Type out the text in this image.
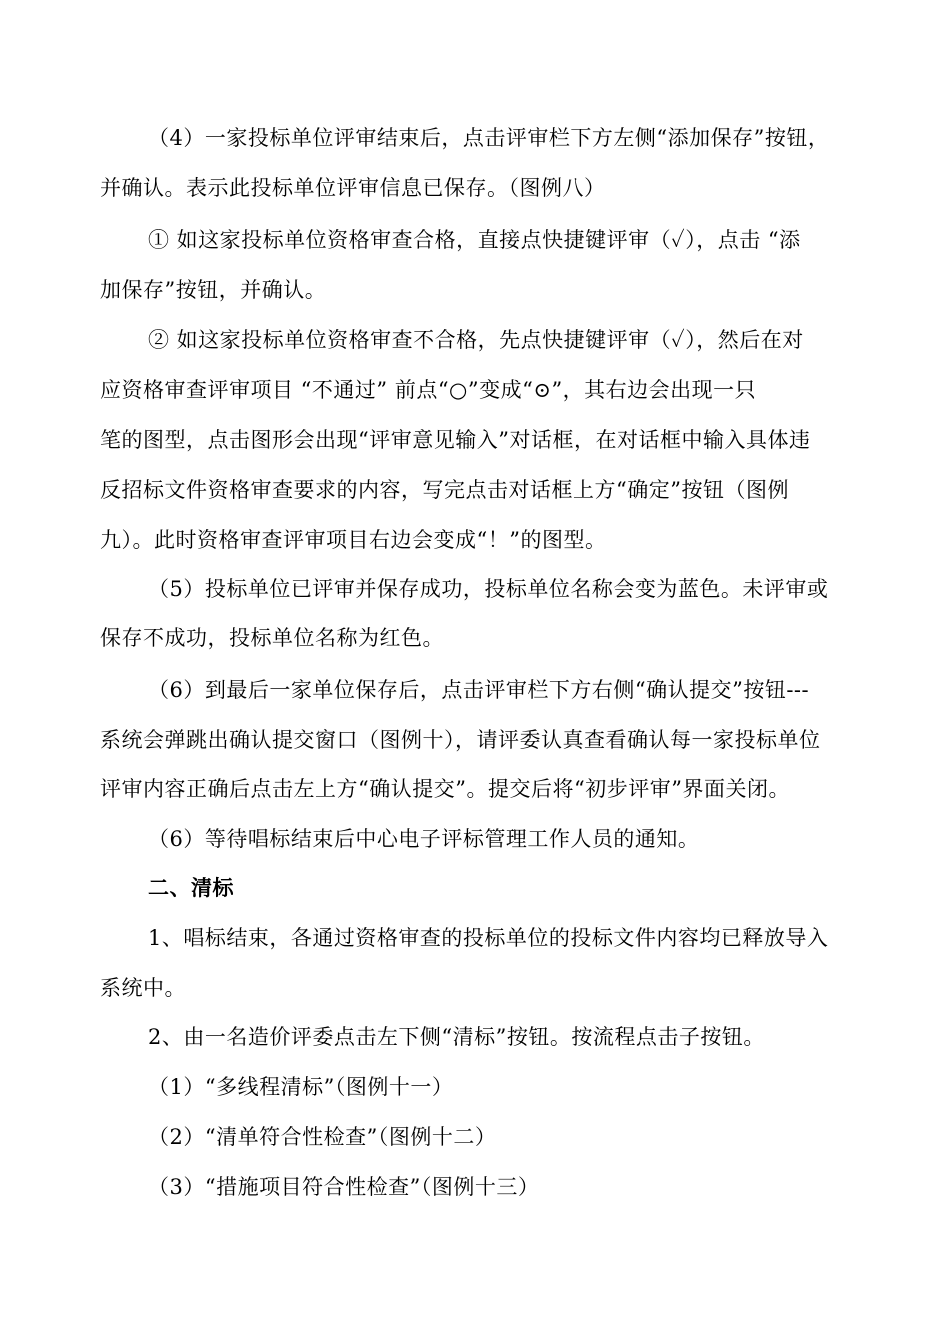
（4）一家投标单位评审结束后，点击评审栏下方左侧“添加保存”按钮，
并确认。表示此投标单位评审信息已保存。（图例八）
① 如这家投标单位资格审查合格，直接点快捷键评审（✓），点击 “添
加保存”按钮，并确认。
② 如这家投标单位资格审查不合格，先点快捷键评审（✓），然后在对
应资格审查评审项目 “不通过” 前点“○”变成“⊙”，其右边会出现一只
笔的图型，点击图形会出现“评审意见输入”对话框，在对话框中输入具体违
反招标文件资格审查要求的内容，写完点击对话框上方“确定”按钮（图例
九）。此时资格审查评审项目右边会变成“！”的图型。
（5）投标单位已评审并保存成功，投标单位名称会变为蓝色。未评审或
保存不成功，投标单位名称为红色。
（6）到最后一家单位保存后，点击评审栏下方右侧“确认提交”按钮---
系统会弹跳出确认提交窗口（图例十），请评委认真查看确认每一家投标单位
评审内容正确后点击左上方“确认提交”。提交后将“初步评审”界面关闭。
（6）等待唱标结束后中心电子评标管理工作人员的通知。
二、清标
1、唱标结束，各通过资格审查的投标单位的投标文件内容均已释放导入
系统中。
2、由一名造价评委点击左下侧“清标”按钮。按流程点击子按钮。
（1）“多线程清标”（图例十一）
（2）“清单符合性检查”（图例十二）
（3）“措施项目符合性检查”（图例十三）
